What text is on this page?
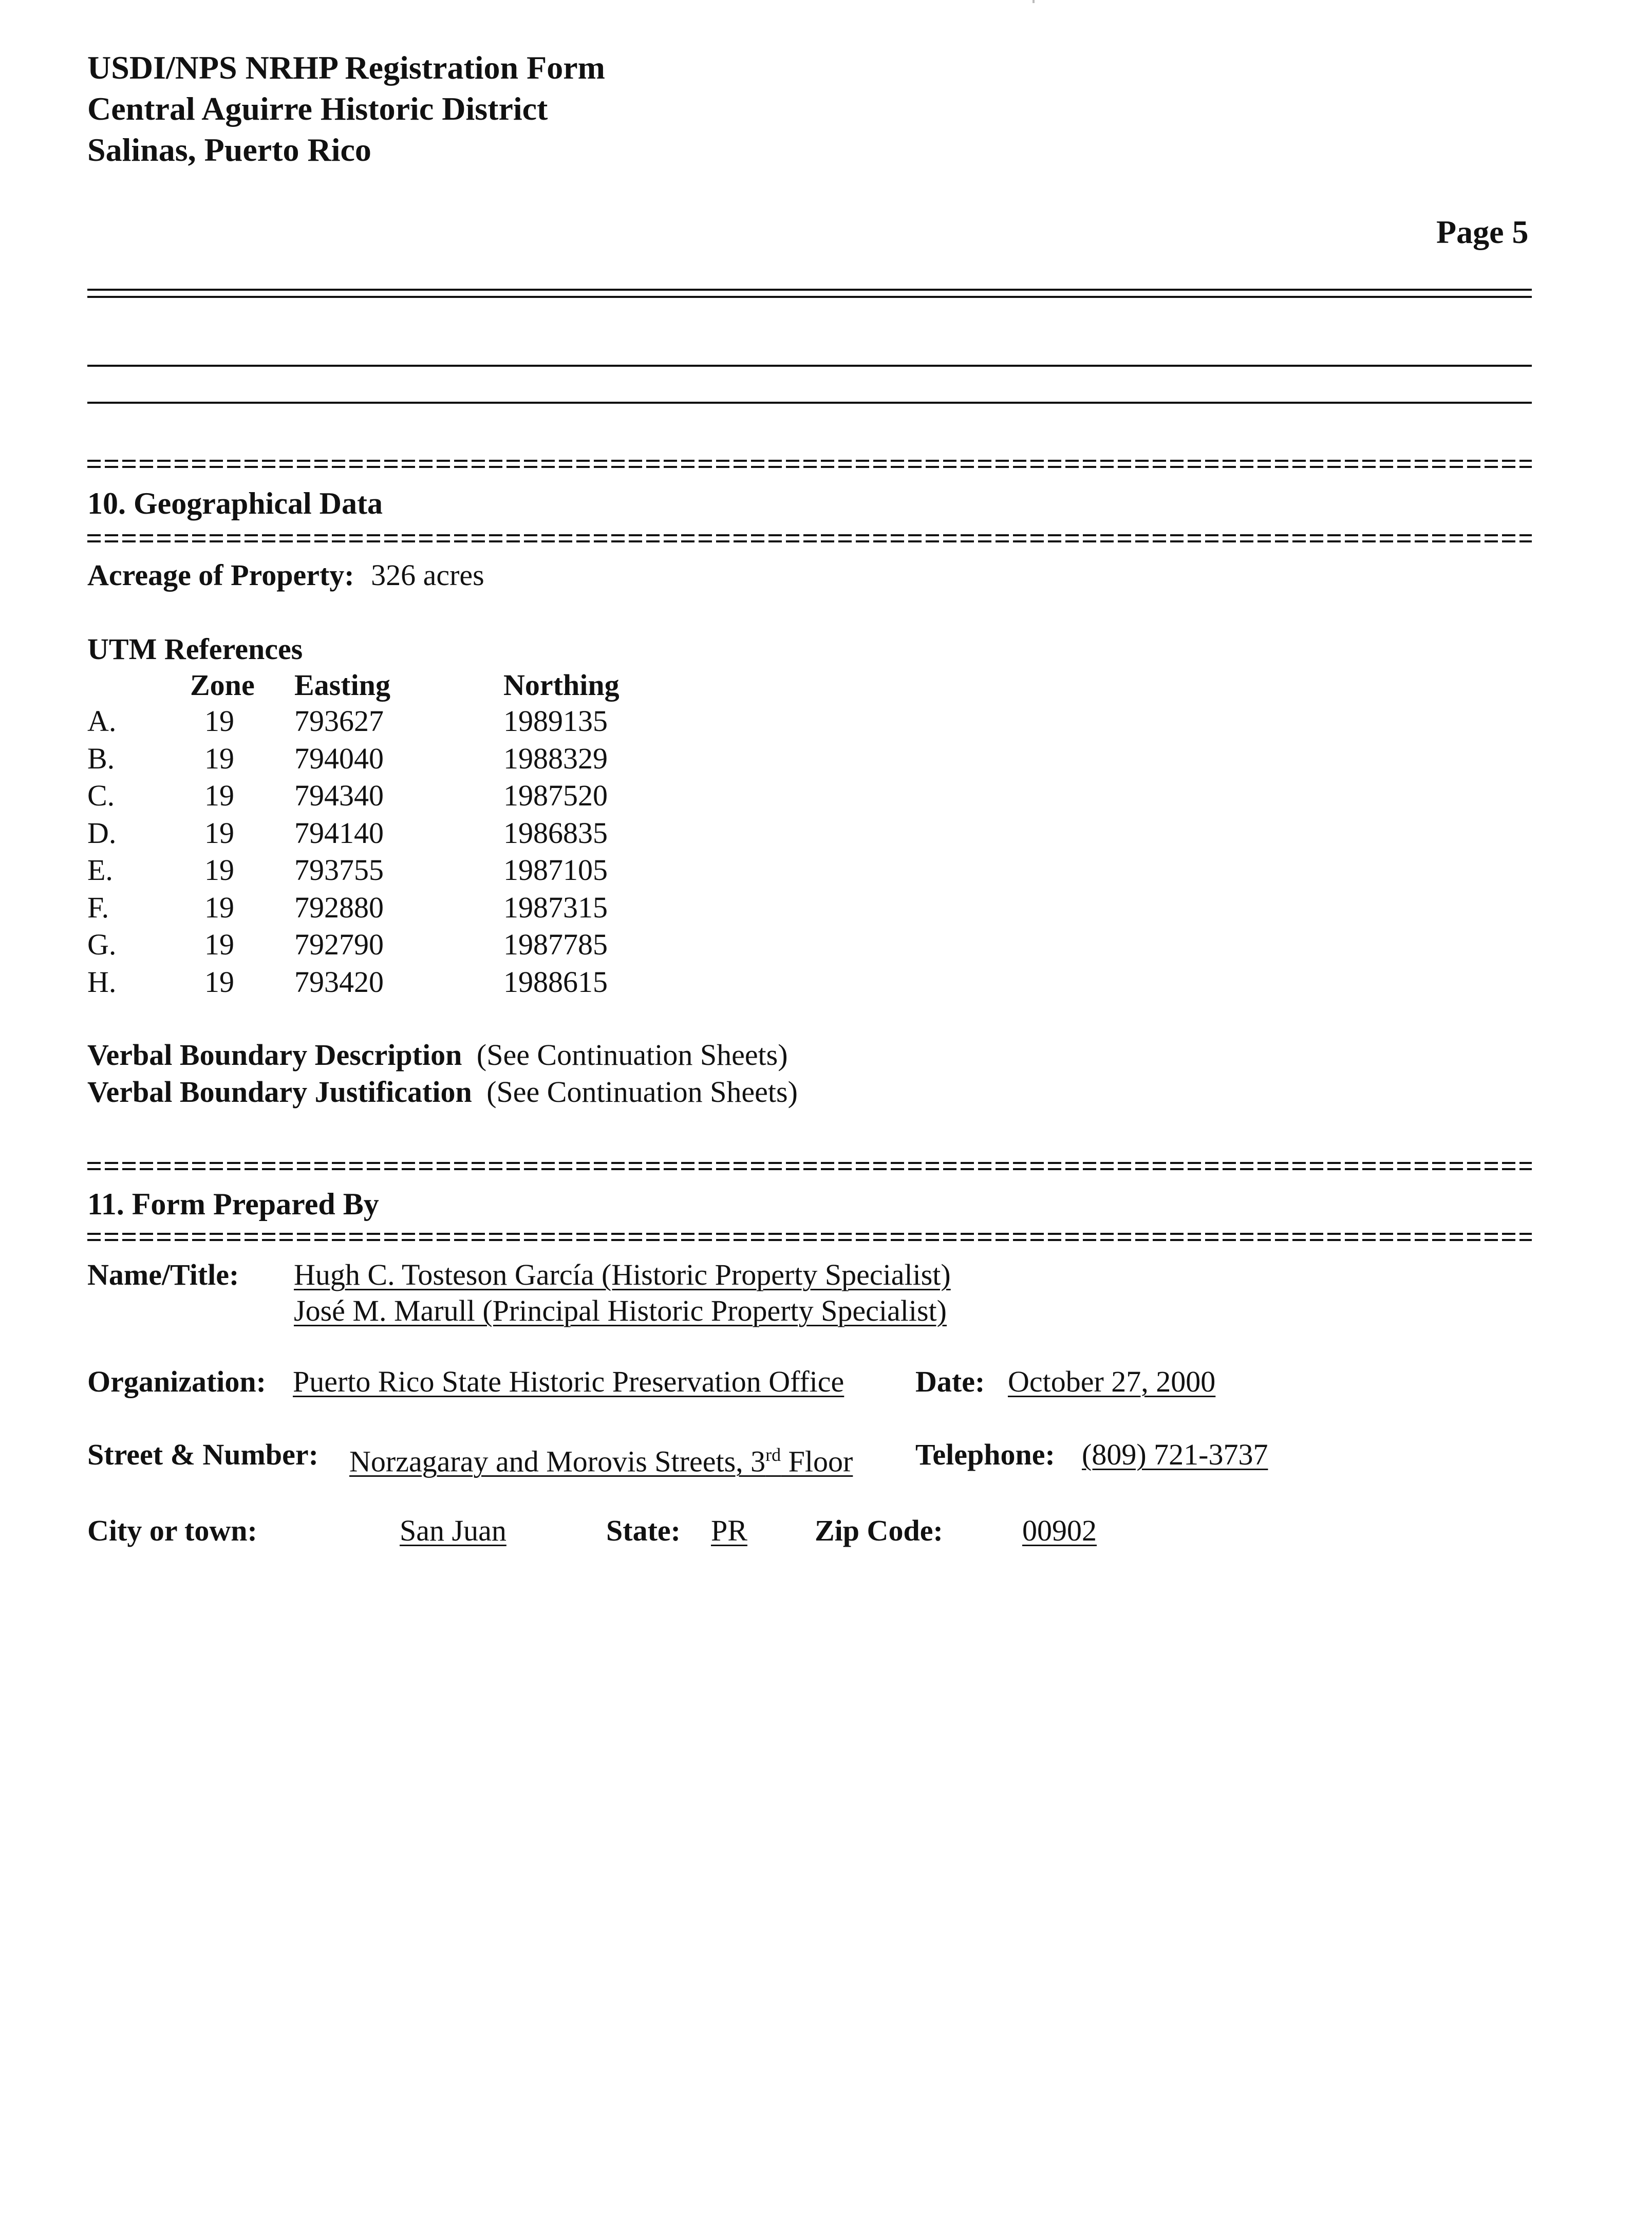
USDI/NPS NRHP Registration Form
Central Aguirre Historic District
Salinas, Puerto Rico
Page 5
10. Geographical Data
Acreage of Property: 326 acres
UTM References
Zone Easting	Northing
A.	19 793627	1989135
B.	19 794040	1988329
C.	19 794340	1987520
D.	19 794140	1986835
E.	19 793755	1987105
F.	19 792880	1987315
G.	19 792790	1987785
H.	19 793420	1988615
Verbal Boundary Description (See Continuation Sheets)
Verbal Boundary Justification (See Continuation Sheets)
11. Form Prepared By
Name/Title: Hugh C. Tosteson García (Historic Property Specialist)
José M. Marull (Principal Historic Property Specialist)
Organization: Puerto Rico State Historic Preservation Office Date: October 27, 2000
Street & Number: Norzagaray and Morovis Streets, 3rd Floor Telephone: (809) 721-3737
City or town:	San Juan	State: PR Zip Code:	00902
